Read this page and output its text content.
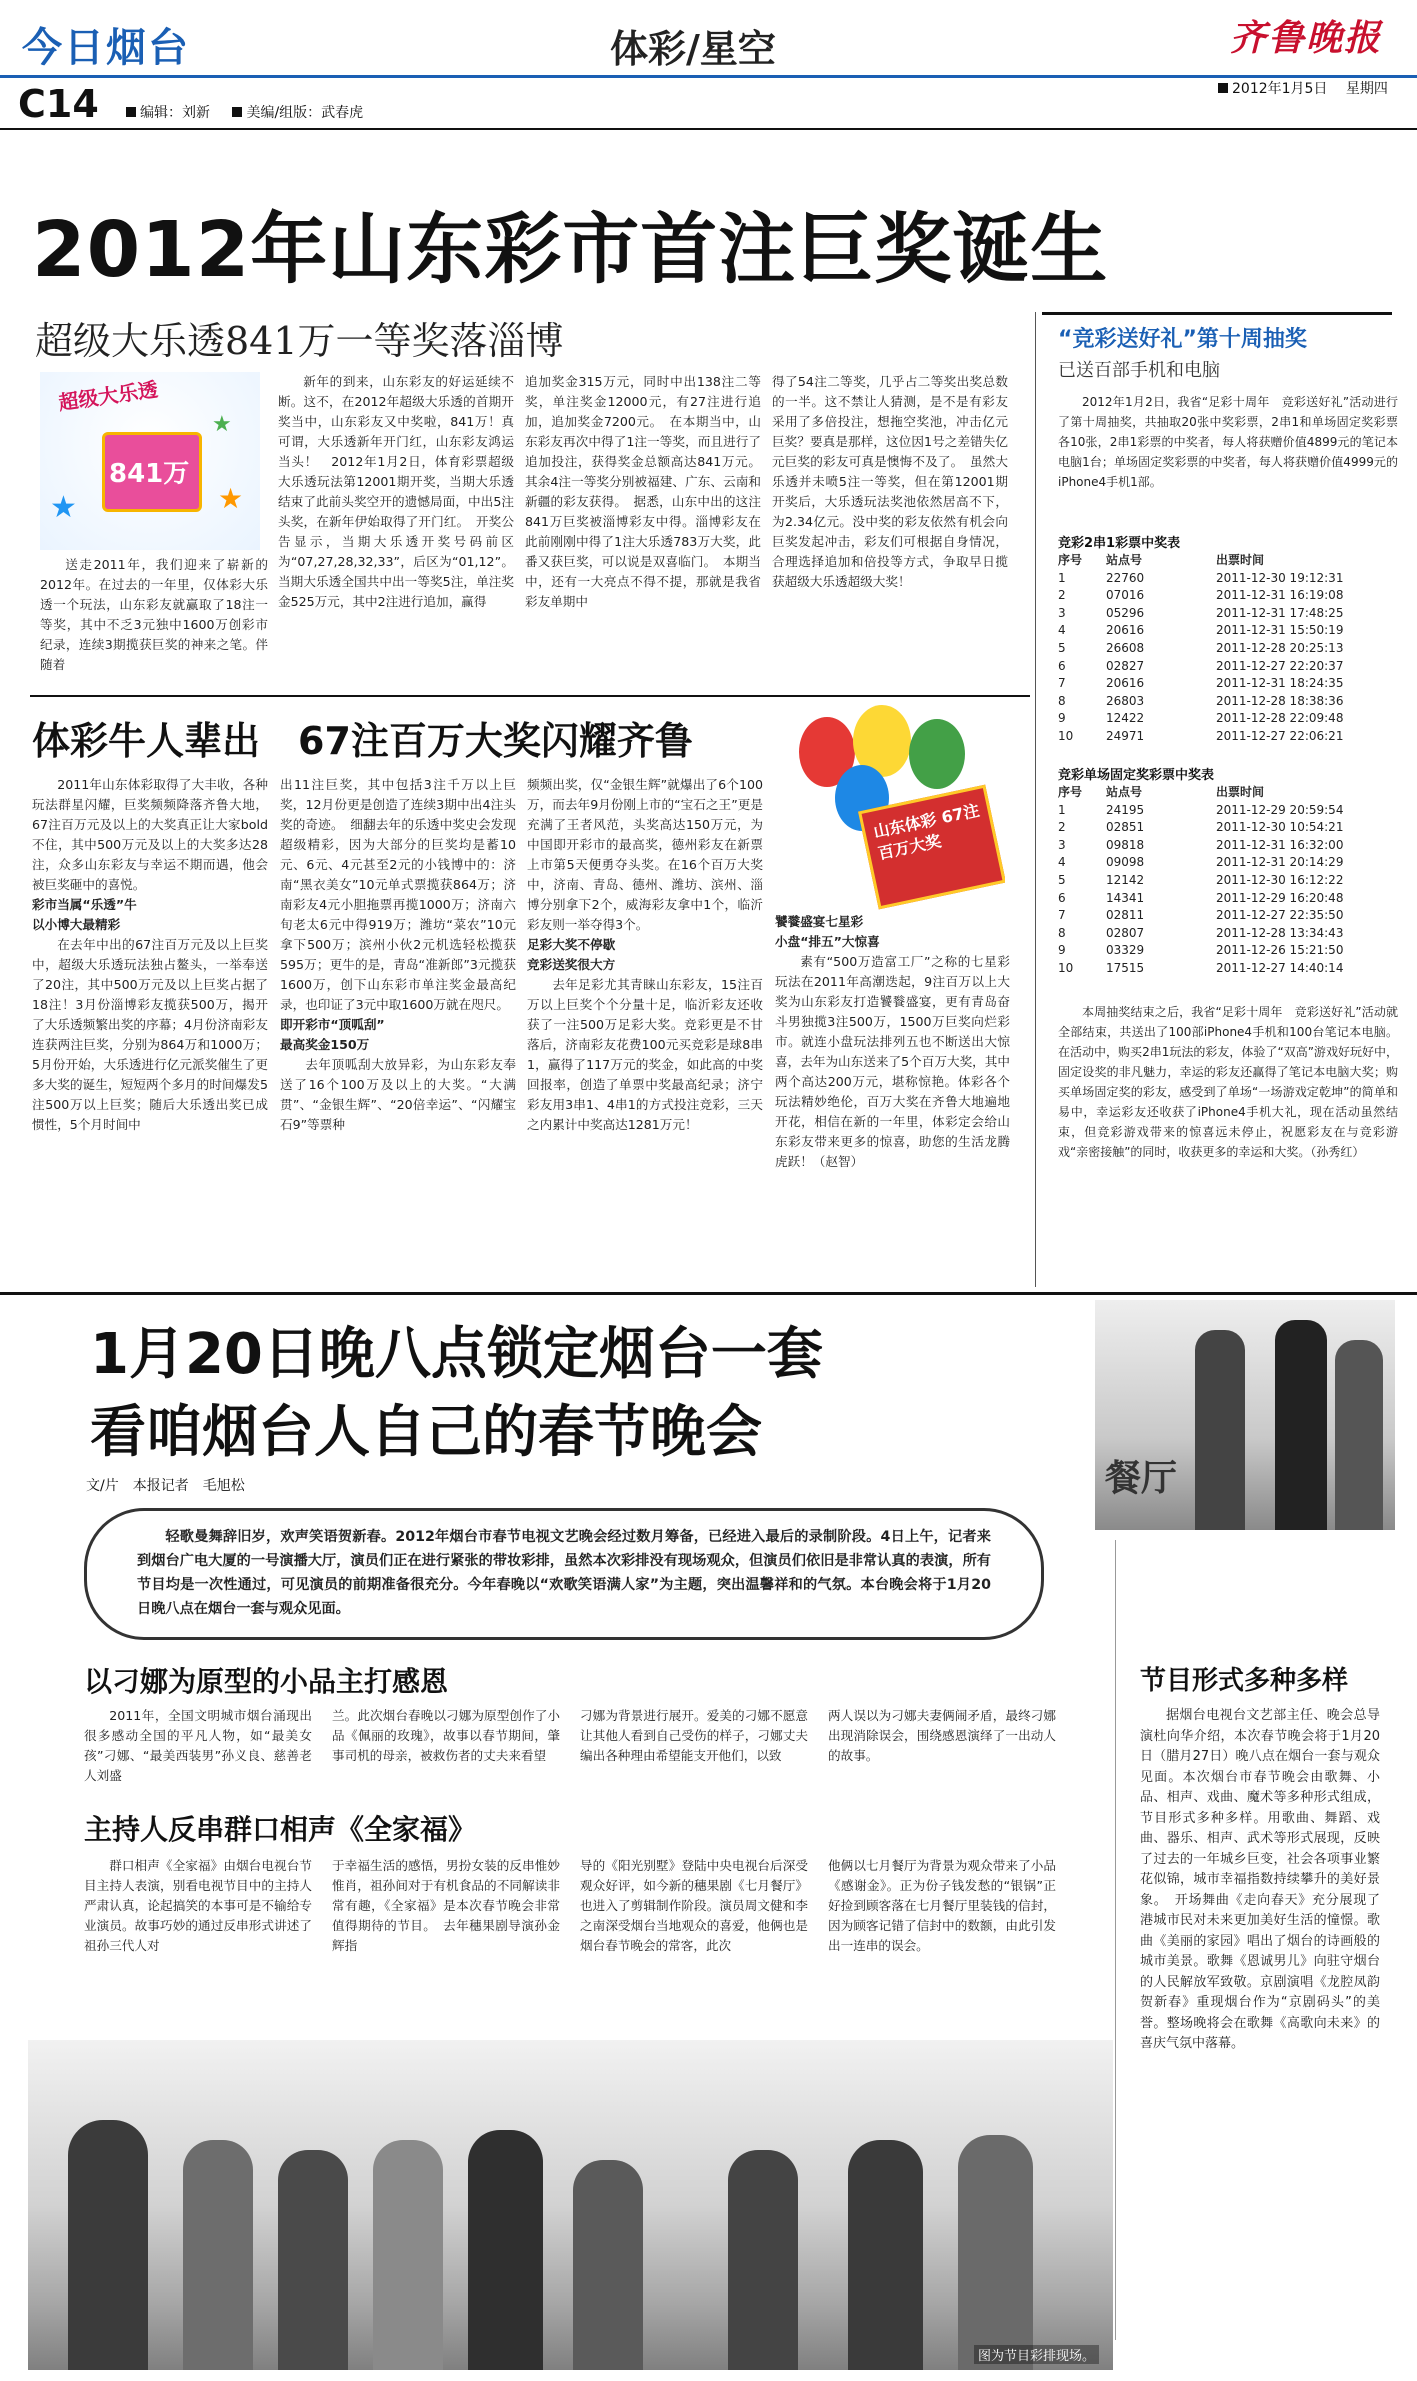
今日烟台	体彩/星空	齐鲁晚报
C14	编辑：刘新	美编/组版：武春虎
2012年1月5日 星期四
2012年山东彩市首注巨奖诞生
超级大乐透841万一等奖落淄博
超级大乐透
841万
★	★
★
送走2011年，我们迎来了崭新的2012年。在过去的一年里，仅体彩大乐透一个玩法，山东彩友就赢取了18注一等奖，其中不乏3元独中1600万创彩市纪录，连续3期揽获巨奖的神来之笔。伴随着
新年的到来，山东彩友的好运延续不断。这不，在2012年超级大乐透的首期开奖当中，山东彩友又中奖啦，841万！真可谓，大乐透新年开门红，山东彩友鸿运当头！　2012年1月2日，体育彩票超级大乐透玩法第12001期开奖，当期大乐透结束了此前头奖空开的遗憾局面，中出5注头奖，在新年伊始取得了开门红。　开奖公告显示，当期大乐透开奖号码前区为“07,27,28,32,33”，后区为“01,12”。当期大乐透全国共中出一等奖5注，单注奖金525万元，其中2注进行追加，赢得
追加奖金315万元，同时中出138注二等奖，单注奖金12000元，有27注进行追加，追加奖金7200元。　在本期当中，山东彩友再次中得了1注一等奖，而且进行了追加投注，获得奖金总额高达841万元。其余4注一等奖分别被福建、广东、云南和新疆的彩友获得。　据悉，山东中出的这注841万巨奖被淄博彩友中得。淄博彩友在此前刚刚中得了1注大乐透783万大奖，此番又获巨奖，可以说是双喜临门。　本期当中，还有一大亮点不得不提，那就是我省彩友单期中
得了54注二等奖，几乎占二等奖出奖总数的一半。这不禁让人猜测，是不是有彩友采用了多倍投注，想拖空奖池，冲击亿元巨奖？要真是那样，这位因1号之差错失亿元巨奖的彩友可真是懊悔不及了。　虽然大乐透并未喷5注一等奖，但在第12001期开奖后，大乐透玩法奖池依然居高不下，为2.34亿元。没中奖的彩友依然有机会向巨奖发起冲击，彩友们可根据自身情况，合理选择追加和倍投等方式，争取早日揽获超级大乐透超级大奖！
体彩牛人辈出　67注百万大奖闪耀齐鲁
2011年山东体彩取得了大丰收，各种玩法群星闪耀，巨奖频频降落齐鲁大地，67注百万元及以上的大奖真正让大家bold不住，其中500万元及以上的大奖多达28注，众多山东彩友与幸运不期而遇，他会被巨奖砸中的喜悦。
彩市当属“乐透”牛
以小博大最精彩
在去年中出的67注百万元及以上巨奖中，超级大乐透玩法独占鳌头，一举奉送了20注，其中500万元及以上巨奖占据了18注！3月份淄博彩友揽获500万，揭开了大乐透频繁出奖的序幕；4月份济南彩友连获两注巨奖，分别为864万和1000万；5月份开始，大乐透进行亿元派奖催生了更多大奖的诞生，短短两个多月的时间爆发5注500万以上巨奖；随后大乐透出奖已成惯性，5个月时间中
出11注巨奖，其中包括3注千万以上巨奖，12月份更是创造了连续3期中出4注头奖的奇迹。　细翻去年的乐透中奖史会发现超级精彩，因为大部分的巨奖均是蓄10元、6元、4元甚至2元的小钱博中的：济南“黑衣美女”10元单式票揽获864万；济南彩友4元小胆拖票再揽1000万；济南六旬老太6元中得919万；潍坊“菜农”10元拿下500万；滨州小伙2元机选轻松揽获595万；更牛的是，青岛“准新郎”3元揽获1600万，创下山东彩市单注奖金最高纪录，也印证了3元中取1600万就在咫尺。
即开彩市“顶呱刮”
最高奖金150万
去年顶呱刮大放异彩，为山东彩友奉送了16个100万及以上的大奖。“大满贯”、“金银生辉”、“20倍幸运”、“闪耀宝石9”等票种
频频出奖，仅“金银生辉”就爆出了6个100万，而去年9月份刚上市的“宝石之王”更是充满了王者风范，头奖高达150万元，为中国即开彩市的最高奖，德州彩友在新票上市第5天便勇夺头奖。在16个百万大奖中，济南、青岛、德州、潍坊、滨州、淄博分别拿下2个，威海彩友拿中1个，临沂彩友则一举夺得3个。
足彩大奖不停歇
竞彩送奖很大方
去年足彩尤其青睐山东彩友，15注百万以上巨奖个个分量十足，临沂彩友还收获了一注500万足彩大奖。竞彩更是不甘落后，济南彩友花费100元买竞彩是球8串1，赢得了117万元的奖金，如此高的中奖回报率，创造了单票中奖最高纪录；济宁彩友用3串1、4串1的方式投注竞彩，三天之内累计中奖高达1281万元！
山东体彩 67注百万大奖
饕餮盛宴七星彩
小盘“排五”大惊喜
素有“500万造富工厂”之称的七星彩玩法在2011年高潮迭起，9注百万以上大奖为山东彩友打造饕餮盛宴，更有青岛奋斗男独揽3注500万，1500万巨奖向烂彩市。就连小盘玩法排列五也不断送出大惊喜，去年为山东送来了5个百万大奖，其中两个高达200万元，堪称惊艳。体彩各个玩法精妙绝伦，百万大奖在齐鲁大地遍地开花，相信在新的一年里，体彩定会给山东彩友带来更多的惊喜，助您的生活龙腾虎跃！（赵智）
“竞彩送好礼”第十周抽奖
已送百部手机和电脑
2012年1月2日，我省“足彩十周年　竞彩送好礼”活动进行了第十周抽奖，共抽取20张中奖彩票，2串1和单场固定奖彩票各10张，2串1彩票的中奖者，每人将获赠价值4899元的笔记本电脑1台；单场固定奖彩票的中奖者，每人将获赠价值4999元的iPhone4手机1部。
竞彩2串1彩票中奖表
序号	站点号	出票时间
1	22760	2011-12-30 19:12:31
2	07016	2011-12-31 16:19:08
3	05296	2011-12-31 17:48:25
4	20616	2011-12-31 15:50:19
5	26608	2011-12-28 20:25:13
6	02827	2011-12-27 22:20:37
7	20616	2011-12-31 18:24:35
8	26803	2011-12-28 18:38:36
9	12422	2011-12-28 22:09:48
10	24971	2011-12-27 22:06:21
竞彩单场固定奖彩票中奖表
序号	站点号	出票时间
1	24195	2011-12-29 20:59:54
2	02851	2011-12-30 10:54:21
3	09818	2011-12-31 16:32:00
4	09098	2011-12-31 20:14:29
5	12142	2011-12-30 16:12:22
6	14341	2011-12-29 16:20:48
7	02811	2011-12-27 22:35:50
8	02807	2011-12-28 13:34:43
9	03329	2011-12-26 15:21:50
10	17515	2011-12-27 14:40:14
本周抽奖结束之后，我省“足彩十周年　竞彩送好礼”活动就全部结束，共送出了100部iPhone4手机和100台笔记本电脑。在活动中，购买2串1玩法的彩友，体验了“双高”游戏好玩好中，固定设奖的非凡魅力，幸运的彩友还赢得了笔记本电脑大奖；购买单场固定奖的彩友，感受到了单场“一场游戏定乾坤”的简单和易中，幸运彩友还收获了iPhone4手机大礼，现在活动虽然结束，但竞彩游戏带来的惊喜远未停止，祝愿彩友在与竞彩游戏“亲密接触”的同时，收获更多的幸运和大奖。（孙秀红）
1月20日晚八点锁定烟台一套
看咱烟台人自己的春节晚会
文/片　本报记者　毛旭松	餐厅
轻歌曼舞辞旧岁，欢声笑语贺新春。2012年烟台市春节电视文艺晚会经过数月筹备，已经进入最后的录制阶段。4日上午，记者来到烟台广电大厦的一号演播大厅，演员们正在进行紧张的带妆彩排，虽然本次彩排没有现场观众，但演员们依旧是非常认真的表演，所有节目均是一次性通过，可见演员的前期准备很充分。今年春晚以“欢歌笑语满人家”为主题，突出温馨祥和的气氛。本台晚会将于1月20日晚八点在烟台一套与观众见面。
以刁娜为原型的小品主打感恩
2011年，全国文明城市烟台涌现出很多感动全国的平凡人物，如“最美女孩”刁娜、“最美西装男”孙义良、慈善老人刘盛
兰。此次烟台春晚以刁娜为原型创作了小品《佩丽的玫瑰》，故事以春节期间，肇事司机的母亲，被救伤者的丈夫来看望
刁娜为背景进行展开。爱美的刁娜不愿意让其他人看到自己受伤的样子，刁娜丈夫编出各种理由希望能支开他们，以致
两人误以为刁娜夫妻俩闹矛盾，最终刁娜出现消除误会，围绕感恩演绎了一出动人的故事。
主持人反串群口相声《全家福》
群口相声《全家福》由烟台电视台节目主持人表演，别看电视节目中的主持人严肃认真，论起搞笑的本事可是不输给专业演员。故事巧妙的通过反串形式讲述了祖孙三代人对
于幸福生活的感悟，男扮女装的反串惟妙惟肖，祖孙间对于有机食品的不同解读非常有趣，《全家福》是本次春节晚会非常值得期待的节目。　去年穗果剧导演孙金辉指
导的《阳光别墅》登陆中央电视台后深受观众好评，如今新的穗果剧《七月餐厅》也进入了剪辑制作阶段。演员周文健和李之南深受烟台当地观众的喜爱，他俩也是烟台春节晚会的常客，此次
他俩以七月餐厅为背景为观众带来了小品《感谢金》。正为份子钱发愁的“银锅”正好捡到顾客落在七月餐厅里装钱的信封，因为顾客记错了信封中的数额，由此引发出一连串的误会。
节目形式多种多样
据烟台电视台文艺部主任、晚会总导演杜向华介绍，本次春节晚会将于1月20日（腊月27日）晚八点在烟台一套与观众见面。本次烟台市春节晚会由歌舞、小品、相声、戏曲、魔术等多种形式组成，节目形式多种多样。用歌曲、舞蹈、戏曲、器乐、相声、武术等形式展现，反映了过去的一年城乡巨变，社会各项事业繁花似锦，城市幸福指数持续攀升的美好景象。　开场舞曲《走向春天》充分展现了港城市民对未来更加美好生活的憧憬。歌曲《美丽的家园》唱出了烟台的诗画般的城市美景。歌舞《恩诚男儿》向驻守烟台的人民解放军致敬。京剧演唱《龙腔凤韵贺新春》重现烟台作为“京剧码头”的美誉。整场晚将会在歌舞《高歌向未来》的喜庆气氛中落幕。
图为节目彩排现场。
